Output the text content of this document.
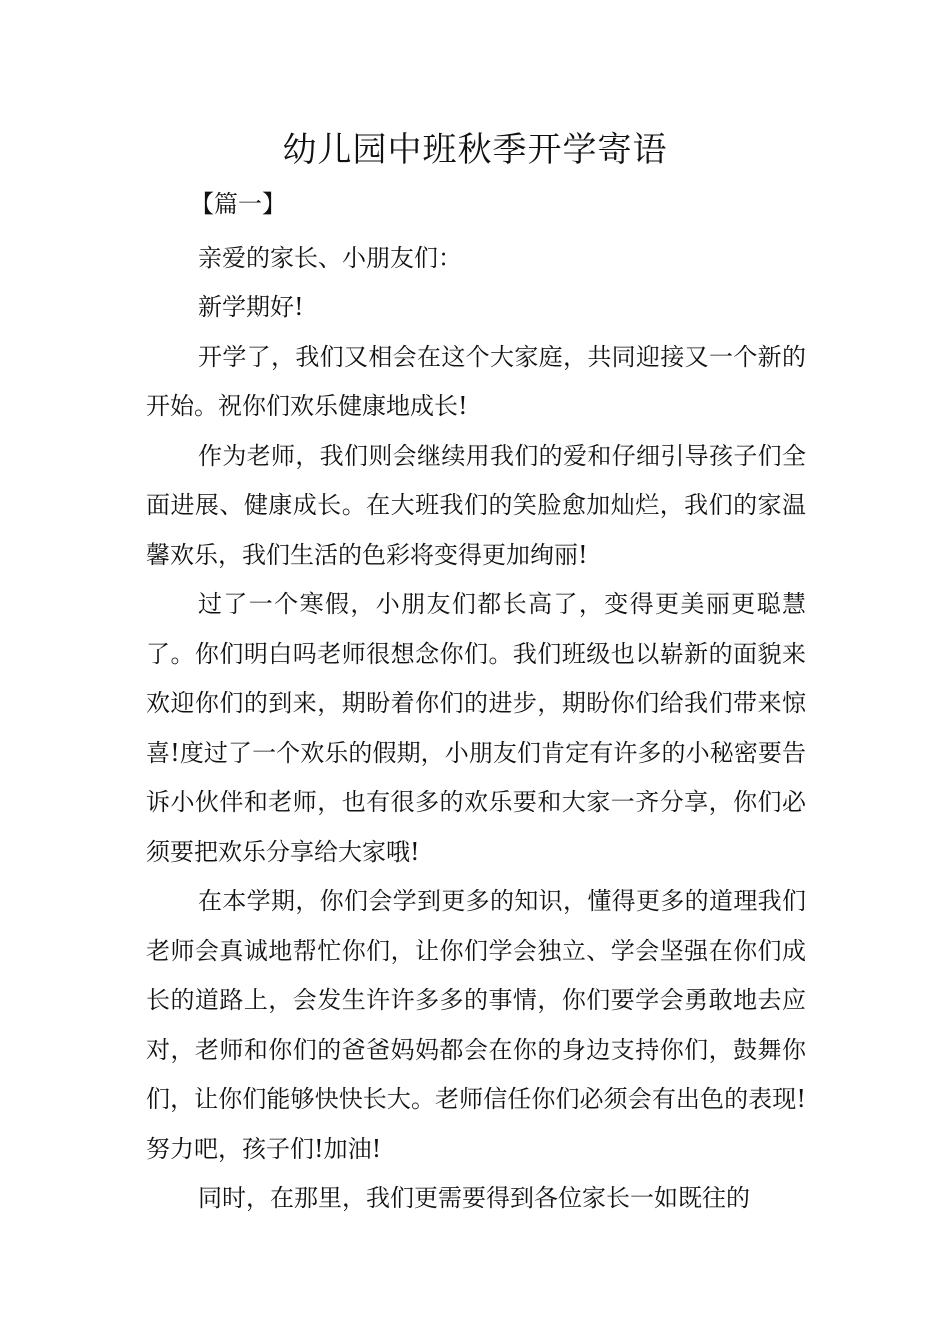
幼儿园中班秋季开学寄语

【篇一】

亲爱的家长、小朋友们：

新学期好!

开学了，我们又相会在这个大家庭，共同迎接又一个新的开始。祝你们欢乐健康地成长!

作为老师，我们则会继续用我们的爱和仔细引导孩子们全面进展、健康成长。在大班我们的笑脸愈加灿烂，我们的家温馨欢乐，我们生活的色彩将变得更加绚丽!

过了一个寒假，小朋友们都长高了，变得更美丽更聪慧了。你们明白吗老师很想念你们。我们班级也以崭新的面貌来欢迎你们的到来，期盼着你们的进步，期盼你们给我们带来惊喜!度过了一个欢乐的假期，小朋友们肯定有许多的小秘密要告诉小伙伴和老师，也有很多的欢乐要和大家一齐分享，你们必须要把欢乐分享给大家哦!

在本学期，你们会学到更多的知识，懂得更多的道理我们老师会真诚地帮忙你们，让你们学会独立、学会坚强在你们成长的道路上，会发生许许多多的事情，你们要学会勇敢地去应对，老师和你们的爸爸妈妈都会在你的身边支持你们，鼓舞你们，让你们能够快快长大。老师信任你们必须会有出色的表现!努力吧，孩子们!加油!

同时，在那里，我们更需要得到各位家长一如既往的
